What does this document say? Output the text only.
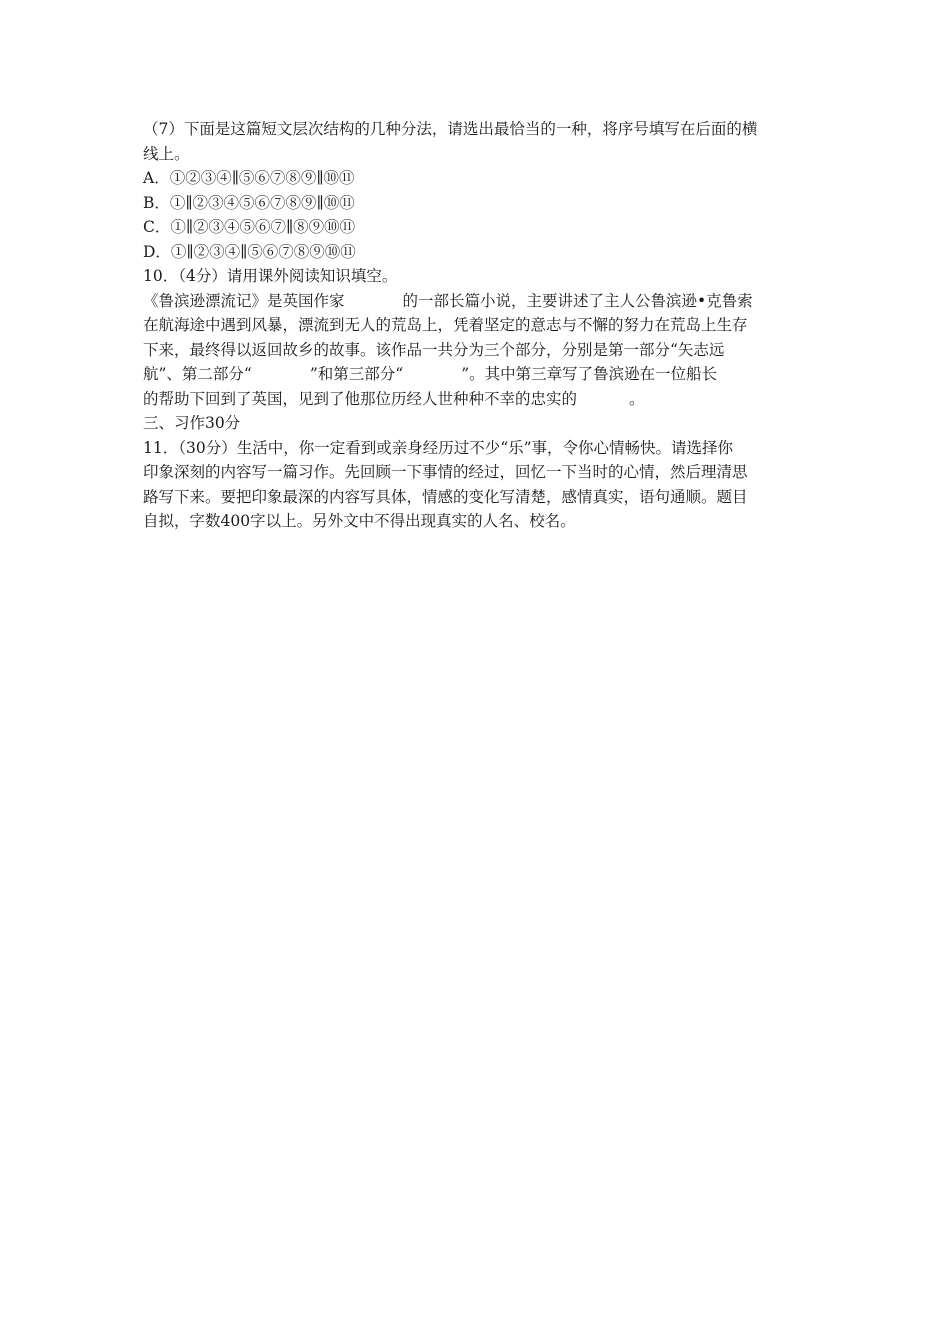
（7）下面是这篇短文层次结构的几种分法，请选出最恰当的一种，将序号填写在后面的横
线上。
A．①②③④∥⑤⑥⑦⑧⑨∥⑩⑪
B．①∥②③④⑤⑥⑦⑧⑨∥⑩⑪
C．①∥②③④⑤⑥⑦∥⑧⑨⑩⑪
D．①∥②③④∥⑤⑥⑦⑧⑨⑩⑪
10．（4分）请用课外阅读知识填空。
《鲁滨逊漂流记》是英国作家	的一部长篇小说，主要讲述了主人公鲁滨逊•克鲁索
在航海途中遇到风暴，漂流到无人的荒岛上，凭着坚定的意志与不懈的努力在荒岛上生存
下来，最终得以返回故乡的故事。该作品一共分为三个部分，分别是第一部分“矢志远
航”、第二部分“	”和第三部分“	”。其中第三章写了鲁滨逊在一位船长
的帮助下回到了英国，见到了他那位历经人世种种不幸的忠实的	。
三、习作30分
11．（30分）生活中，你一定看到或亲身经历过不少“乐”事，令你心情畅快。请选择你
印象深刻的内容写一篇习作。先回顾一下事情的经过，回忆一下当时的心情，然后理清思
路写下来。要把印象最深的内容写具体，情感的变化写清楚，感情真实，语句通顺。题目
自拟，字数400字以上。另外文中不得出现真实的人名、校名。
